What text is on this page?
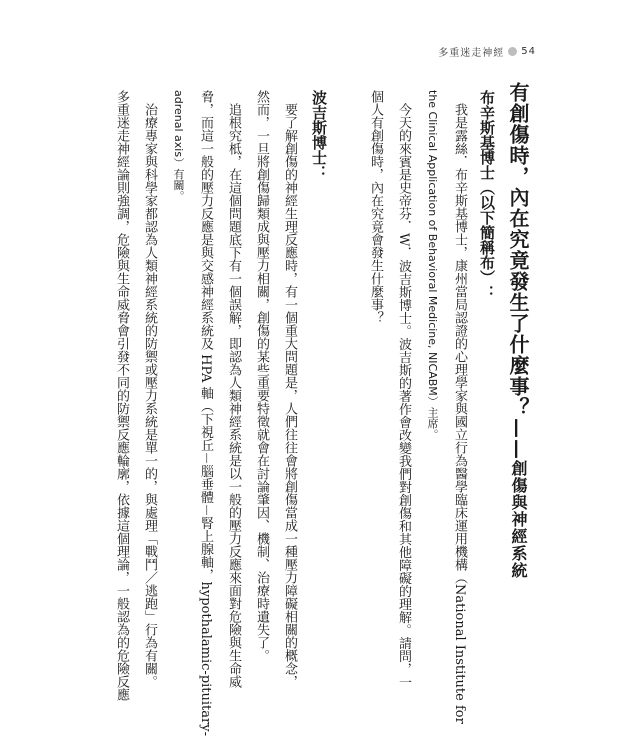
多重迷走神經 54
有創傷時，內在究竟發生了什麼事？——創傷與神經系統
布辛斯基博士（以下簡稱布）：
我是露絲．布辛斯基博士，康州當局認證的心理學家與國立行為醫學臨床運用機構（National Institute for
the Clinical Application of Behavioral Medicine, NICABM）主席。
今天的來賓是史帝芬．W．波吉斯博士。波吉斯的著作會改變我們對創傷和其他障礙的理解。請問，一
個人有創傷時，內在究竟會發生什麼事？
波吉斯博士：
要了解創傷的神經生理反應時，有一個重大問題是，人們往往會將創傷當成一種壓力障礙相關的概念，
然而，一旦將創傷歸類成與壓力相關，創傷的某些重要特徵就會在討論肇因、機制、治療時遺失了。
追根究柢，在這個問題底下有一個誤解，即認為人類神經系統是以一般的壓力反應來面對危險與生命威
脅，而這一般的壓力反應是與交感神經系統及 HPA 軸（下視丘－腦垂體－腎上腺軸，hypothalamic-pituitary-
adrenal axis）有關。
治療專家與科學家都認為人類神經系統的防禦或壓力系統是單一的，與處理「戰鬥／逃跑」行為有關。
多重迷走神經論則強調，危險與生命威脅會引發不同的防禦反應輪廓，依據這個理論，一般認為的危險反應
